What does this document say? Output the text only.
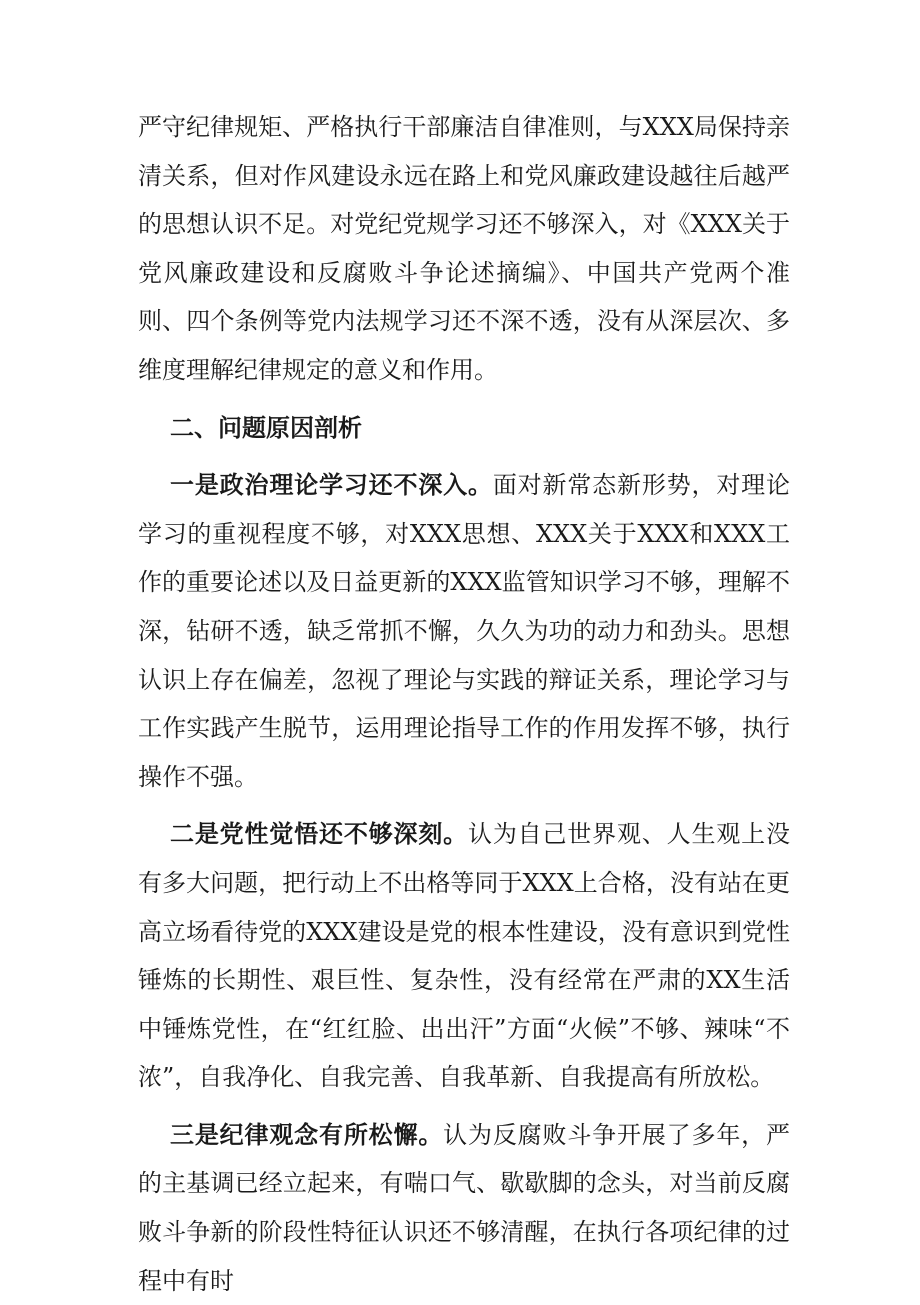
严守纪律规矩、严格执行干部廉洁自律准则，与XXX局保持亲清关系，但对作风建设永远在路上和党风廉政建设越往后越严的思想认识不足。对党纪党规学习还不够深入，对《XXX关于党风廉政建设和反腐败斗争论述摘编》、中国共产党两个准则、四个条例等党内法规学习还不深不透，没有从深层次、多维度理解纪律规定的意义和作用。

二、问题原因剖析

一是政治理论学习还不深入。面对新常态新形势，对理论学习的重视程度不够，对XXX思想、XXX关于XXX和XXX工作的重要论述以及日益更新的XXX监管知识学习不够，理解不深，钻研不透，缺乏常抓不懈，久久为功的动力和劲头。思想认识上存在偏差，忽视了理论与实践的辩证关系，理论学习与工作实践产生脱节，运用理论指导工作的作用发挥不够，执行操作不强。

二是党性觉悟还不够深刻。认为自己世界观、人生观上没有多大问题，把行动上不出格等同于XXX上合格，没有站在更高立场看待党的XXX建设是党的根本性建设，没有意识到党性锤炼的长期性、艰巨性、复杂性，没有经常在严肃的XX生活中锤炼党性，在“红红脸、出出汗”方面“火候”不够、辣味“不浓”，自我净化、自我完善、自我革新、自我提高有所放松。

三是纪律观念有所松懈。认为反腐败斗争开展了多年，严的主基调已经立起来，有喘口气、歇歇脚的念头，对当前反腐败斗争新的阶段性特征认识还不够清醒，在执行各项纪律的过程中有时
